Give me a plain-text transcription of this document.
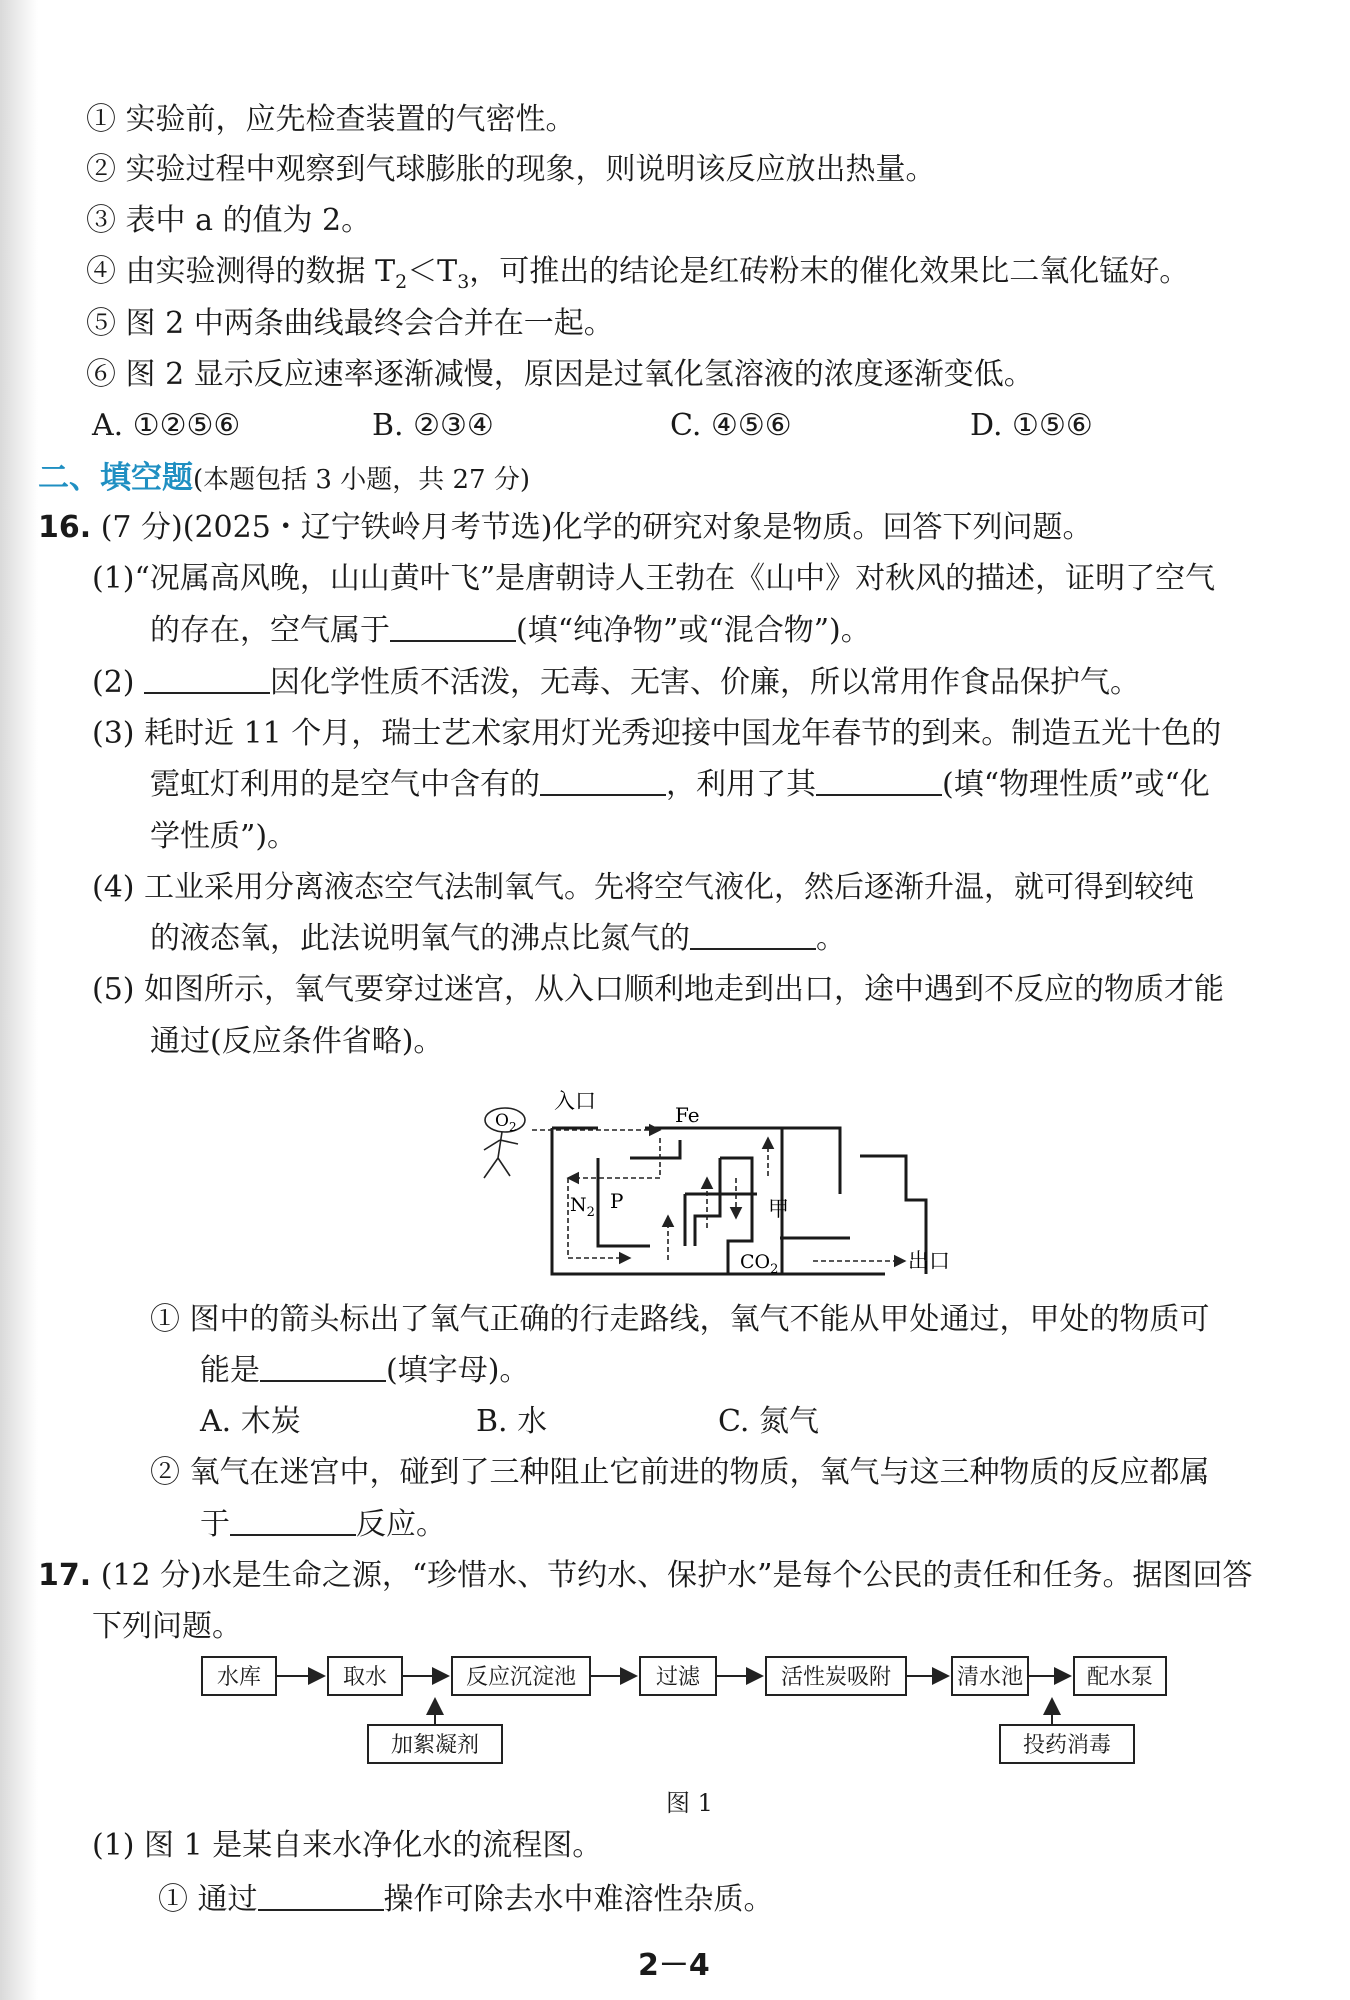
① 实验前，应先检查装置的气密性。
② 实验过程中观察到气球膨胀的现象，则说明该反应放出热量。
③ 表中 a 的值为 2。
④ 由实验测得的数据 $T_2<T_3$，可推出的结论是红砖粉末的催化效果比二氧化锰好。
⑤ 图 2 中两条曲线最终会合并在一起。
⑥ 图 2 显示反应速率逐渐减慢，原因是过氧化氢溶液的浓度逐渐变低。
A. ①②⑤⑥	B. ②③④	C. ④⑤⑥	D. ①⑤⑥
二、填空题(本题包括 3 小题，共 27 分)
16. (7 分)(2025・辽宁铁岭月考节选)化学的研究对象是物质。回答下列问题。
(1)“况属高风晚，山山黄叶飞”是唐朝诗人王勃在《山中》对秋风的描述，证明了空气
的存在，空气属于	(填“纯净物”或“混合物”)。
(2)	因化学性质不活泼，无毒、无害、价廉，所以常用作食品保护气。
(3) 耗时近 11 个月，瑞士艺术家用灯光秀迎接中国龙年春节的到来。制造五光十色的
霓虹灯利用的是空气中含有的	，利用了其	(填“物理性质”或“化
学性质”)。
(4) 工业采用分离液态空气法制氧气。先将空气液化，然后逐渐升温，就可得到较纯
的液态氧，此法说明氧气的沸点比氮气的	。
(5) 如图所示，氧气要穿过迷宫，从入口顺利地走到出口，途中遇到不反应的物质才能
通过(反应条件省略)。
$O_2$
入口
Fe
$N_2$ P	甲
$CO_2$	出口
① 图中的箭头标出了氧气正确的行走路线，氧气不能从甲处通过，甲处的物质可
能是	(填字母)。
A. 木炭	B. 水	C. 氮气
② 氧气在迷宫中，碰到了三种阻止它前进的物质，氧气与这三种物质的反应都属
于	反应。
17. (12 分)水是生命之源，“珍惜水、节约水、保护水”是每个公民的责任和任务。据图回答
下列问题。
水库	取水	反应沉淀池	过滤	活性炭吸附	清水池	配水泵
加絮凝剂	投药消毒
图 1
(1) 图 1 是某自来水净化水的流程图。
① 通过	操作可除去水中难溶性杂质。
2－4
